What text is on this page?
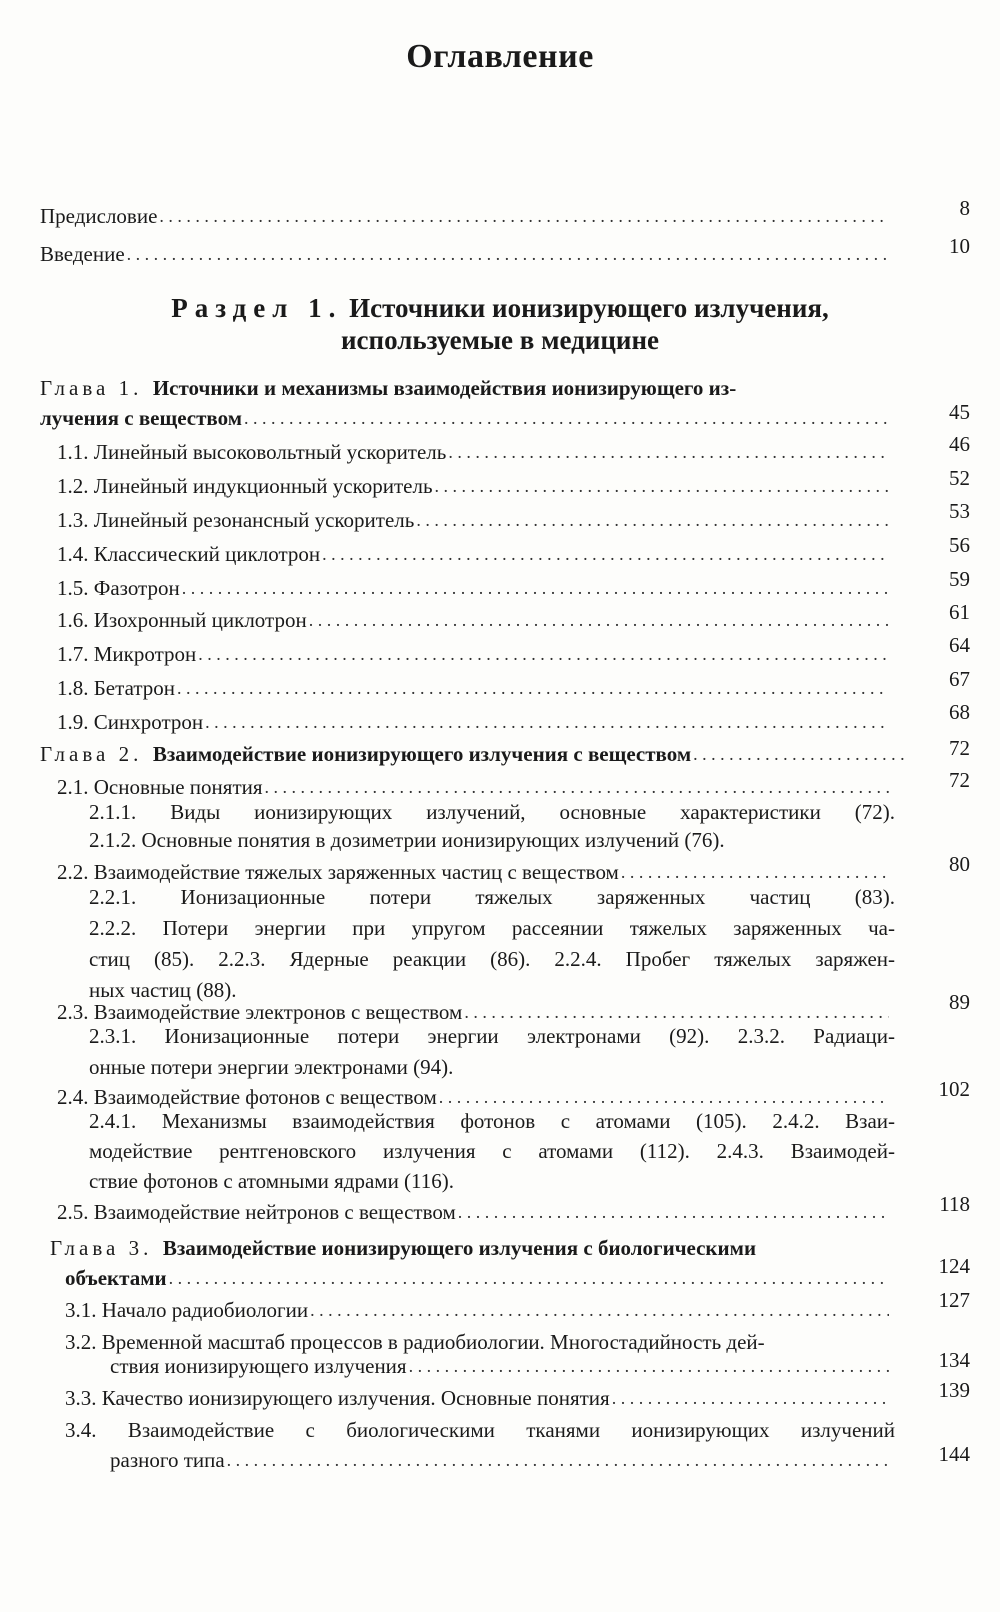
Оглавление
Предисловие . . .	8
Введение . . .	10
Раздел 1. Источники ионизирующего излучения,
используемые в медицине
Глава 1. Источники и механизмы взаимодействия ионизирующего из-
лучения с веществом . . .	45
1.1. Линейный высоковольтный ускоритель . . .	46
1.2. Линейный индукционный ускоритель . . .	52
1.3. Линейный резонансный ускоритель . . .	53
1.4. Классический циклотрон . . .	56
1.5. Фазотрон . . .	59
1.6. Изохронный циклотрон . . .	61
1.7. Микротрон . . .	64
1.8. Бетатрон . . .	67
1.9. Синхротрон . . .	68
Глава 2. Взаимодействие ионизирующего излучения с веществом . . .	72
2.1. Основные понятия . . .	72
2.1.1. Виды ионизирующих излучений, основные характеристики (72).
2.1.2. Основные понятия в дозиметрии ионизирующих излучений (76).
2.2. Взаимодействие тяжелых заряженных частиц с веществом . . .	80
2.2.1. Ионизационные потери тяжелых заряженных частиц (83).
2.2.2. Потери энергии при упругом рассеянии тяжелых заряженных ча-
стиц (85). 2.2.3. Ядерные реакции (86). 2.2.4. Пробег тяжелых заряжен-
ных частиц (88).
2.3. Взаимодействие электронов с веществом . . .	89
2.3.1. Ионизационные потери энергии электронами (92). 2.3.2. Радиаци-
онные потери энергии электронами (94).
2.4. Взаимодействие фотонов с веществом . . .	102
2.4.1. Механизмы взаимодействия фотонов с атомами (105). 2.4.2. Взаи-
модействие рентгеновского излучения с атомами (112). 2.4.3. Взаимодей-
ствие фотонов с атомными ядрами (116).
2.5. Взаимодействие нейтронов с веществом . . .	118
Глава 3. Взаимодействие ионизирующего излучения с биологическими
объектами . . .	124
3.1. Начало радиобиологии . . .	127
3.2. Временной масштаб процессов в радиобиологии. Многостадийность дей-
ствия ионизирующего излучения . . .	134
3.3. Качество ионизирующего излучения. Основные понятия . . .	139
3.4. Взаимодействие с биологическими тканями ионизирующих излучений
разного типа . . .	144
